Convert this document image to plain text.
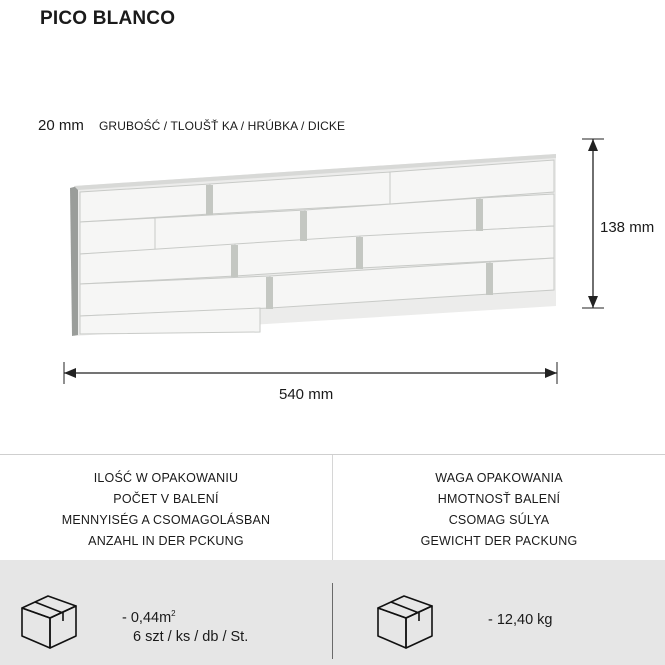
PICO BLANCO
20 mm GRUBOŚĆ / TLOUŠŤ KA / HRÚBKA / DICKE
138 mm
540 mm
ILOŚĆ W OPAKOWANIU
POČET V BALENÍ
MENNYISÉG A CSOMAGOLÁSBAN
ANZAHL IN DER PCKUNG
WAGA OPAKOWANIA
HMOTNOSŤ BALENÍ
CSOMAG SÚLYA
GEWICHT DER PACKUNG
- $0,44m^2$
6 szt / ks / db / St.
- 12,40 kg
